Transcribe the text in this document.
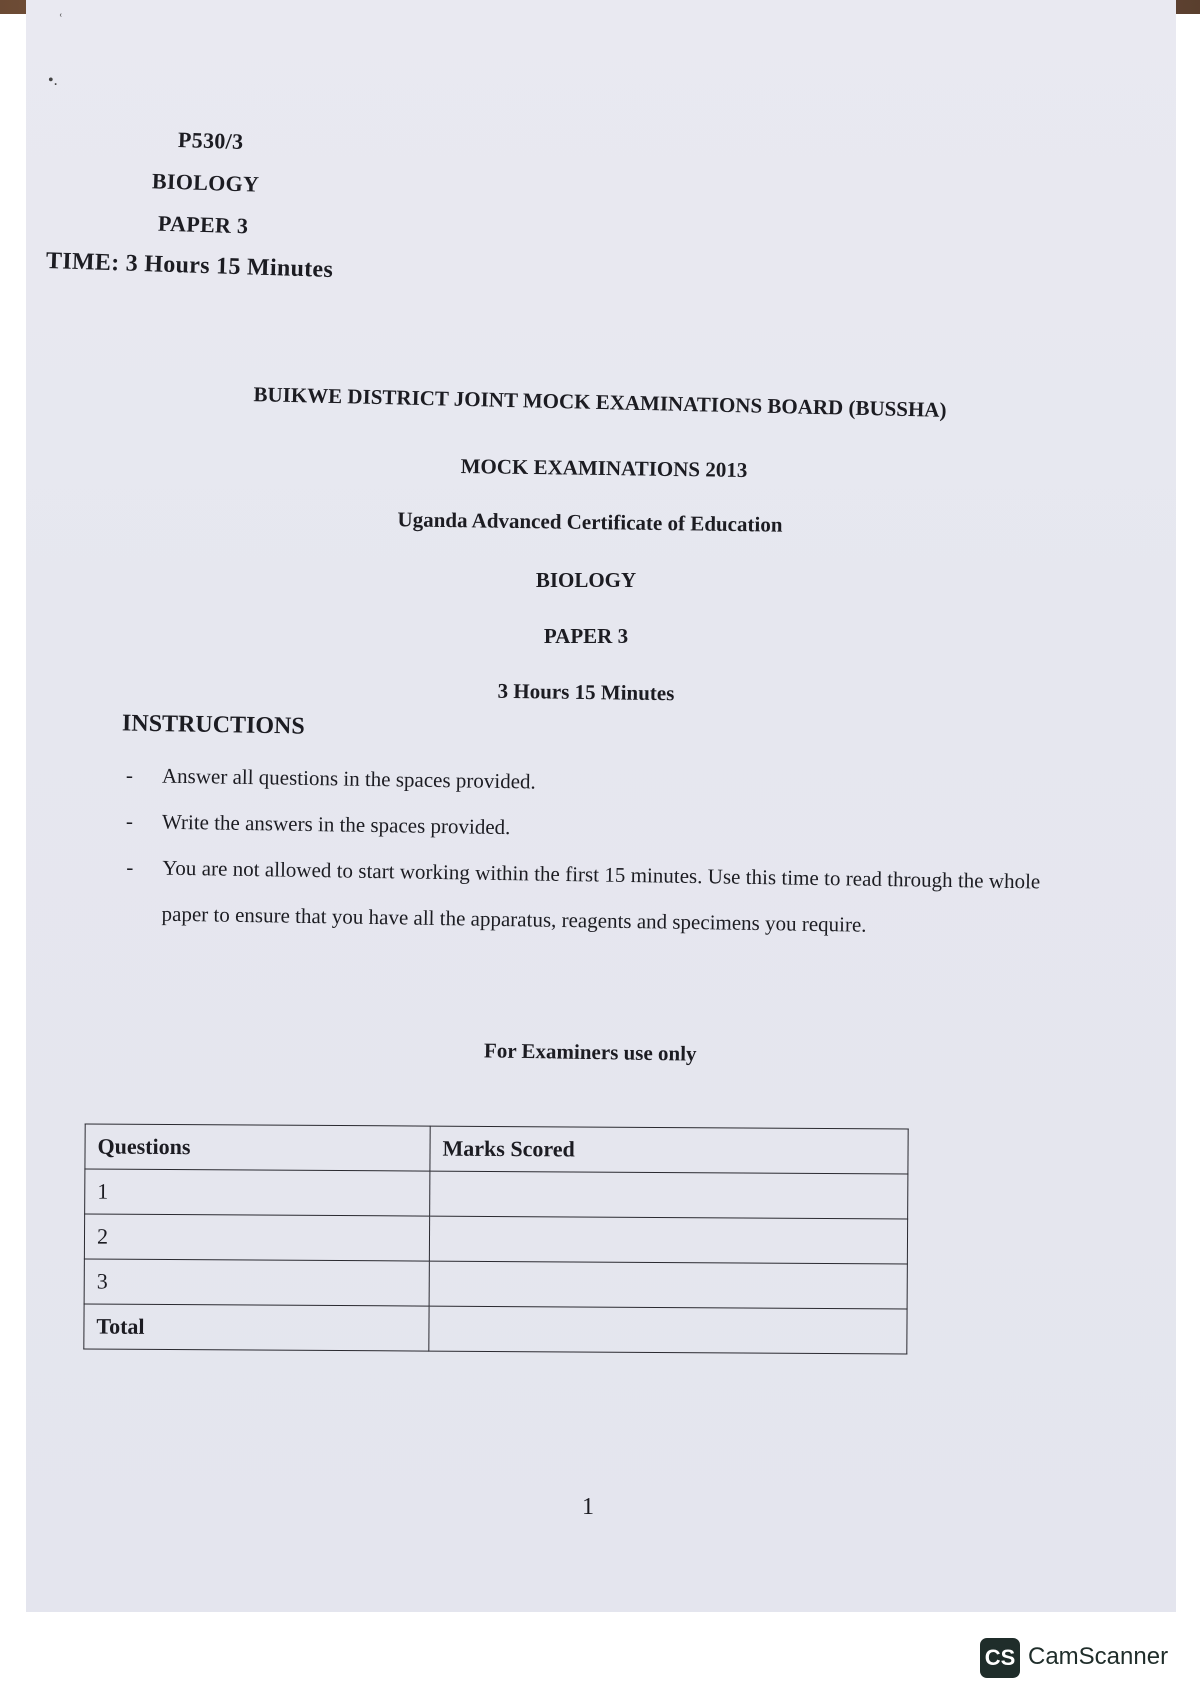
ʿ
•.
P530/3
BIOLOGY
PAPER 3
TIME: 3 Hours 15 Minutes
BUIKWE DISTRICT JOINT MOCK EXAMINATIONS BOARD (BUSSHA)
MOCK EXAMINATIONS 2013
Uganda Advanced Certificate of Education
BIOLOGY
PAPER 3
3 Hours 15 Minutes
INSTRUCTIONS
- Answer all questions in the spaces provided.
- Write the answers in the spaces provided.
- You are not allowed to start working within the first 15 minutes. Use this time to read through the whole paper to ensure that you have all the apparatus, reagents and specimens you require.
For Examiners use only
Questions	Marks Scored
1	
2	
3	
Total	
1
CS CamScanner
